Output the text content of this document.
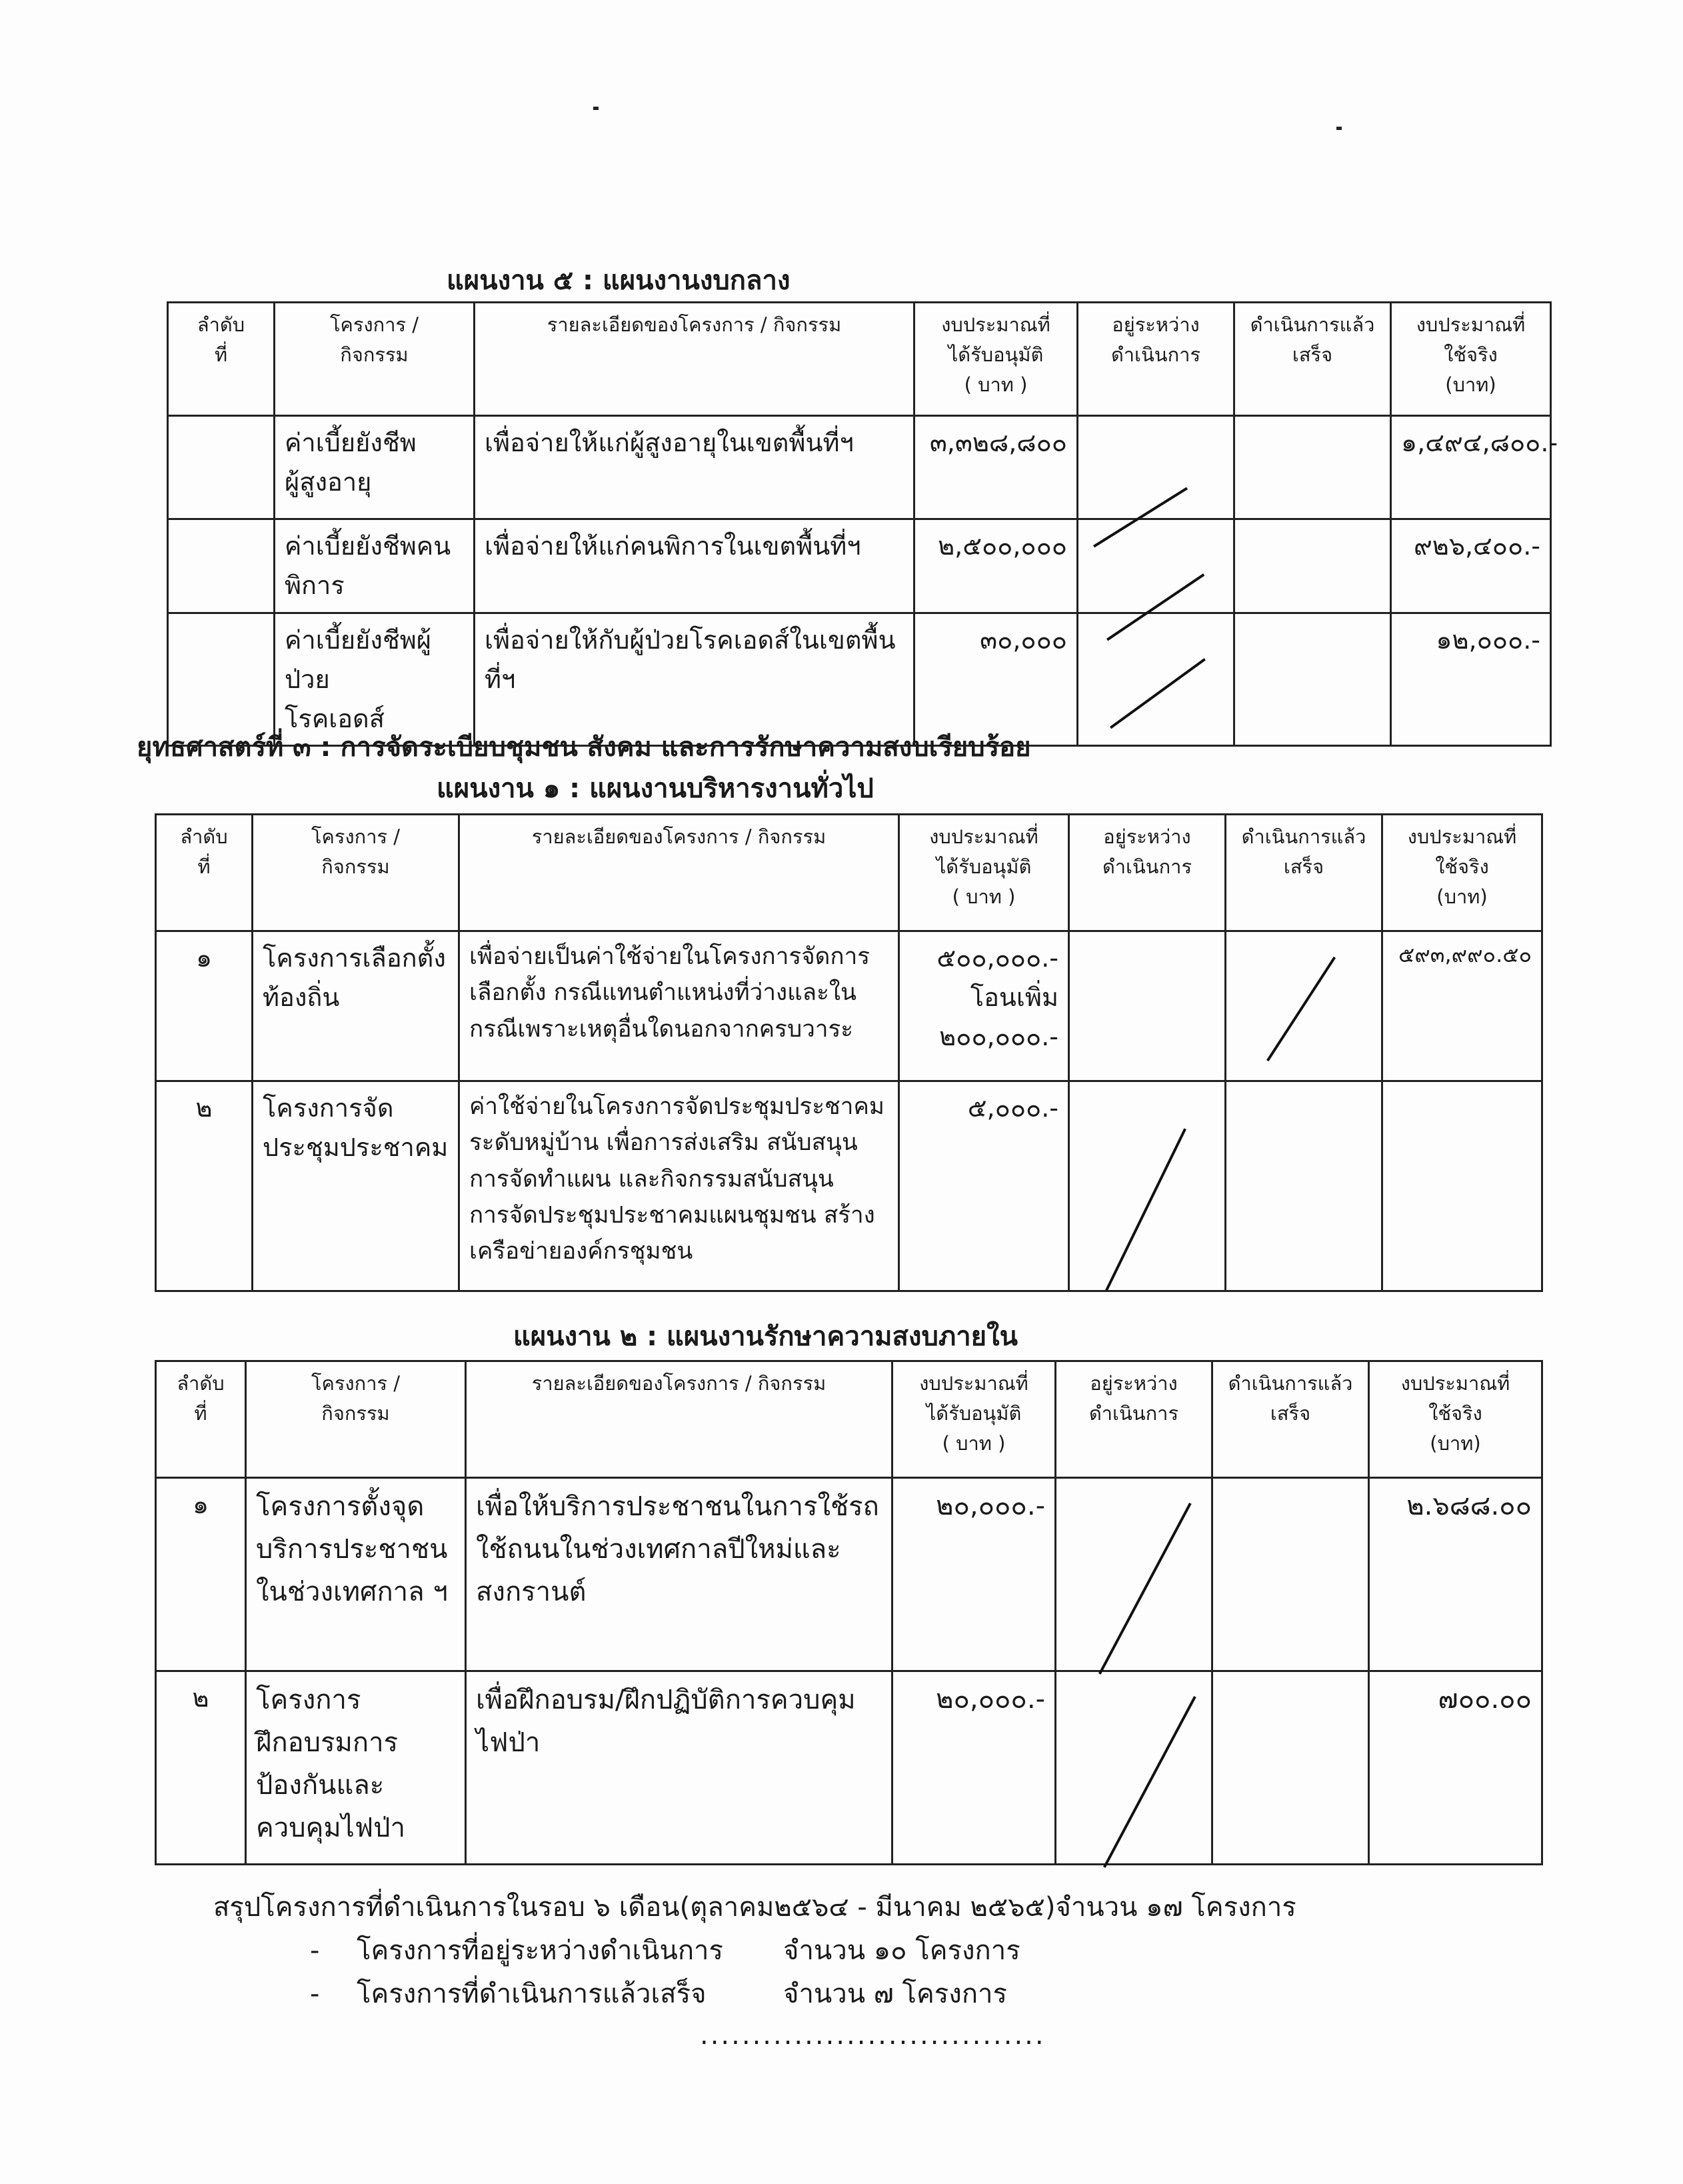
แผนงาน ๕ : แผนงานงบกลาง
ลำดับ
ที่	โครงการ /
กิจกรรม	รายละเอียดของโครงการ / กิจกรรม	งบประมาณที่
ได้รับอนุมัติ
( บาท )	อยู่ระหว่าง
ดำเนินการ	ดำเนินการแล้ว
เสร็จ	งบประมาณที่
ใช้จริง
(บาท)
	ค่าเบี้ยยังชีพ
ผู้สูงอายุ	เพื่อจ่ายให้แก่ผู้สูงอายุในเขตพื้นที่ฯ	๓,๓๒๘,๘๐๐			๑,๔๙๔,๘๐๐.-
	ค่าเบี้ยยังชีพคน
พิการ	เพื่อจ่ายให้แก่คนพิการในเขตพื้นที่ฯ	๒,๕๐๐,๐๐๐			๙๒๖,๔๐๐.-
	ค่าเบี้ยยังชีพผู้ป่วย
โรคเอดส์	เพื่อจ่ายให้กับผู้ป่วยโรคเอดส์ในเขตพื้นที่ฯ	๓๐,๐๐๐			๑๒,๐๐๐.-
ยุทธศาสตร์ที่ ๓ : การจัดระเบียบชุมชน สังคม และการรักษาความสงบเรียบร้อย
แผนงาน ๑ : แผนงานบริหารงานทั่วไป
ลำดับ
ที่	โครงการ /
กิจกรรม	รายละเอียดของโครงการ / กิจกรรม	งบประมาณที่
ได้รับอนุมัติ
( บาท )	อยู่ระหว่าง
ดำเนินการ	ดำเนินการแล้ว
เสร็จ	งบประมาณที่
ใช้จริง
(บาท)
๑	โครงการเลือกตั้ง
ท้องถิ่น	เพื่อจ่ายเป็นค่าใช้จ่ายในโครงการจัดการ
เลือกตั้ง กรณีแทนตำแหน่งที่ว่างและใน
กรณีเพราะเหตุอื่นใดนอกจากครบวาระ	๕๐๐,๐๐๐.-
โอนเพิ่ม
๒๐๐,๐๐๐.-			๕๙๓,๙๙๐.๕๐
๒	โครงการจัด
ประชุมประชาคม	ค่าใช้จ่ายในโครงการจัดประชุมประชาคม
ระดับหมู่บ้าน เพื่อการส่งเสริม สนับสนุน
การจัดทำแผน และกิจกรรมสนับสนุน
การจัดประชุมประชาคมแผนชุมชน สร้าง
เครือข่ายองค์กรชุมชน	๕,๐๐๐.-			
แผนงาน ๒ : แผนงานรักษาความสงบภายใน
ลำดับ
ที่	โครงการ /
กิจกรรม	รายละเอียดของโครงการ / กิจกรรม	งบประมาณที่
ได้รับอนุมัติ
( บาท )	อยู่ระหว่าง
ดำเนินการ	ดำเนินการแล้ว
เสร็จ	งบประมาณที่
ใช้จริง
(บาท)
๑	โครงการตั้งจุด
บริการประชาชน
ในช่วงเทศกาล ฯ	เพื่อให้บริการประชาชนในการใช้รถ
ใช้ถนนในช่วงเทศกาลปีใหม่และ
สงกรานต์	๒๐,๐๐๐.-			๒.๖๘๘.๐๐
๒	โครงการ
ฝึกอบรมการ
ป้องกันและ
ควบคุมไฟป่า	เพื่อฝึกอบรม/ฝึกปฏิบัติการควบคุม
ไฟป่า	๒๐,๐๐๐.-			๗๐๐.๐๐
สรุปโครงการที่ดำเนินการในรอบ ๖ เดือน(ตุลาคม๒๕๖๔ - มีนาคม ๒๕๖๕)จำนวน ๑๗ โครงการ
- โครงการที่อยู่ระหว่างดำเนินการ จำนวน ๑๐ โครงการ
- โครงการที่ดำเนินการแล้วเสร็จ	จำนวน ๗ โครงการ
.................................
